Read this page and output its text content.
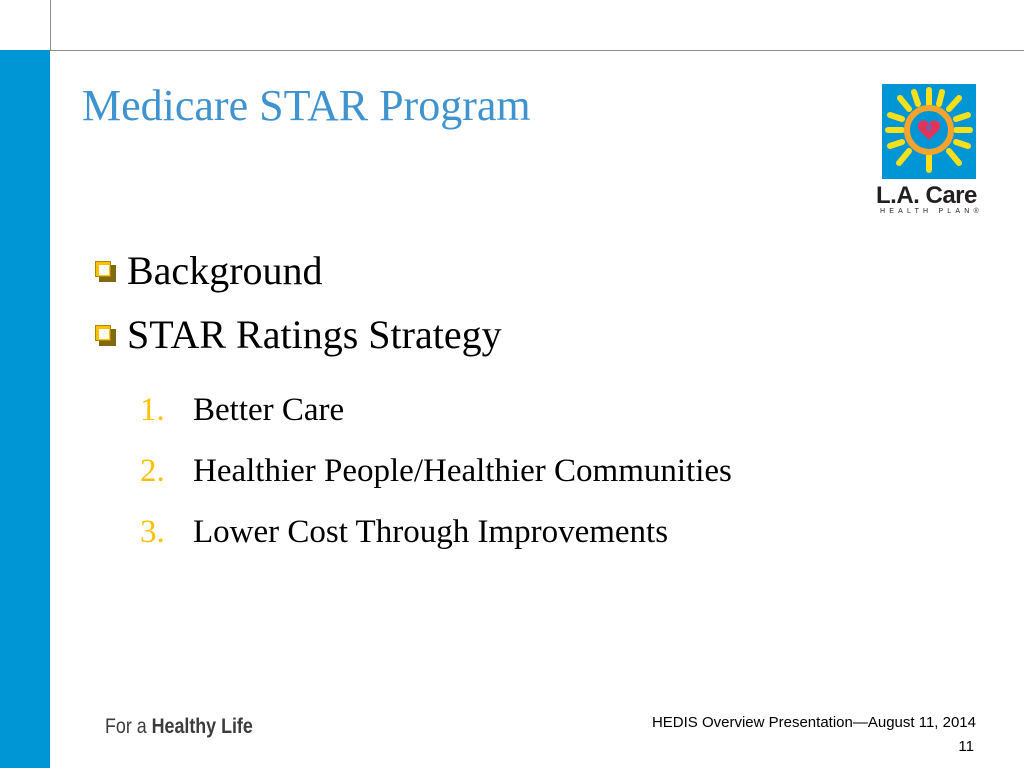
Medicare STAR Program
L.A. Care
HEALTH PLAN®
Background
STAR Ratings Strategy
1. Better Care
2. Healthier People/Healthier Communities
3. Lower Cost Through Improvements
For a Healthy Life	HEDIS Overview Presentation—August 11, 2014
11
